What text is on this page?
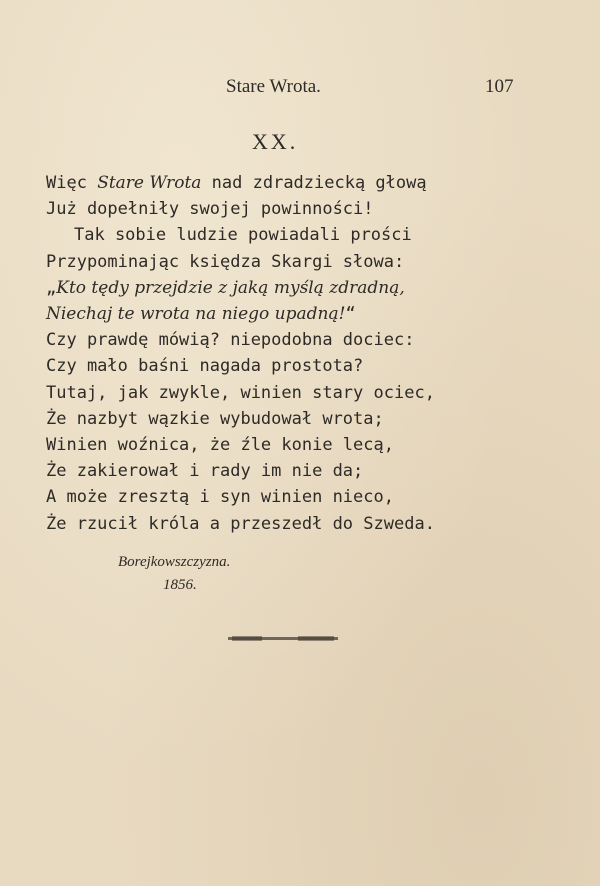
Stare Wrota.	107
XX.
Więc Stare Wrota nad zdradziecką głową
Już dopełniły swojej powinności!
Tak sobie ludzie powiadali prości
Przypominając księdza Skargi słowa:
„Kto tędy przejdzie z jaką myślą zdradną,
Niechaj te wrota na niego upadną!“
Czy prawdę mówią? niepodobna dociec:
Czy mało baśni nagada prostota?
Tutaj, jak zwykle, winien stary ociec,
Że nazbyt wązkie wybudował wrota;
Winien woźnica, że źle konie lecą,
Że zakierował i rady im nie da;
A może zresztą i syn winien nieco,
Że rzucił króla a przeszedł do Szweda.
Borejkowszczyzna.
1856.
